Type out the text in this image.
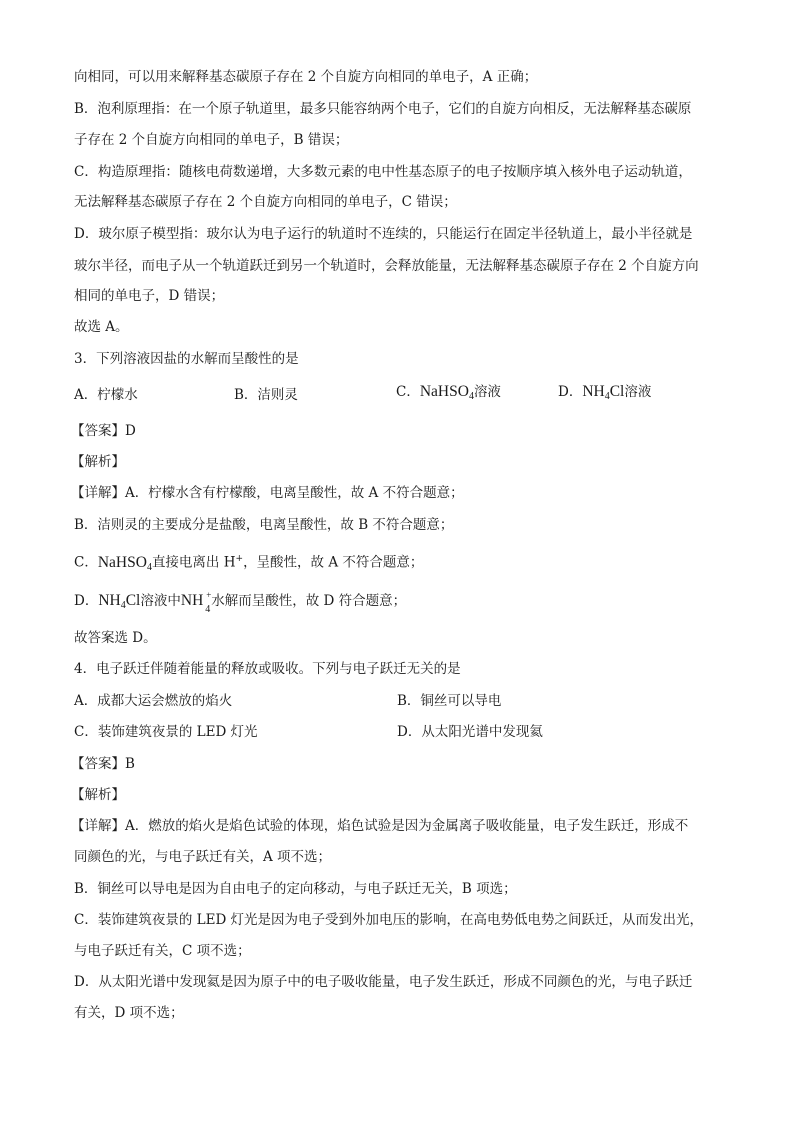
向相同，可以用来解释基态碳原子存在 2 个自旋方向相同的单电子，A 正确；
B．泡利原理指：在一个原子轨道里，最多只能容纳两个电子，它们的自旋方向相反，无法解释基态碳原
子存在 2 个自旋方向相同的单电子，B 错误；
C．构造原理指：随核电荷数递增，大多数元素的电中性基态原子的电子按顺序填入核外电子运动轨道，
无法解释基态碳原子存在 2 个自旋方向相同的单电子，C 错误；
D．玻尔原子模型指：玻尔认为电子运行的轨道时不连续的，只能运行在固定半径轨道上，最小半径就是
玻尔半径，而电子从一个轨道跃迁到另一个轨道时，会释放能量，无法解释基态碳原子存在 2 个自旋方向
相同的单电子，D 错误；
故选 A。
3．下列溶液因盐的水解而呈酸性的是
A．柠檬水	B．洁则灵	C．NaHSO$_4$溶液	D．$NH_4Cl$溶液
【答案】D
【解析】
【详解】A．柠檬水含有柠檬酸，电离呈酸性，故 A 不符合题意；
B．洁则灵的主要成分是盐酸，电离呈酸性，故 B 不符合题意；
C．NaHSO$_4$直接电离出 H+，呈酸性，故 A 不符合题意；
D．$NH_4Cl$溶液中NH +
4
水解而呈酸性，故 D 符合题意；
故答案选 D。
4．电子跃迁伴随着能量的释放或吸收。下列与电子跃迁无关的是
A．成都大运会燃放的焰火	B．铜丝可以导电
C．装饰建筑夜景的 LED 灯光	D．从太阳光谱中发现氦
【答案】B
【解析】
【详解】A．燃放的焰火是焰色试验的体现，焰色试验是因为金属离子吸收能量，电子发生跃迁，形成不
同颜色的光，与电子跃迁有关，A 项不选；
B．铜丝可以导电是因为自由电子的定向移动，与电子跃迁无关，B 项选；
C．装饰建筑夜景的 LED 灯光是因为电子受到外加电压的影响，在高电势低电势之间跃迁，从而发出光，
与电子跃迁有关，C 项不选；
D．从太阳光谱中发现氦是因为原子中的电子吸收能量，电子发生跃迁，形成不同颜色的光，与电子跃迁
有关，D 项不选；
